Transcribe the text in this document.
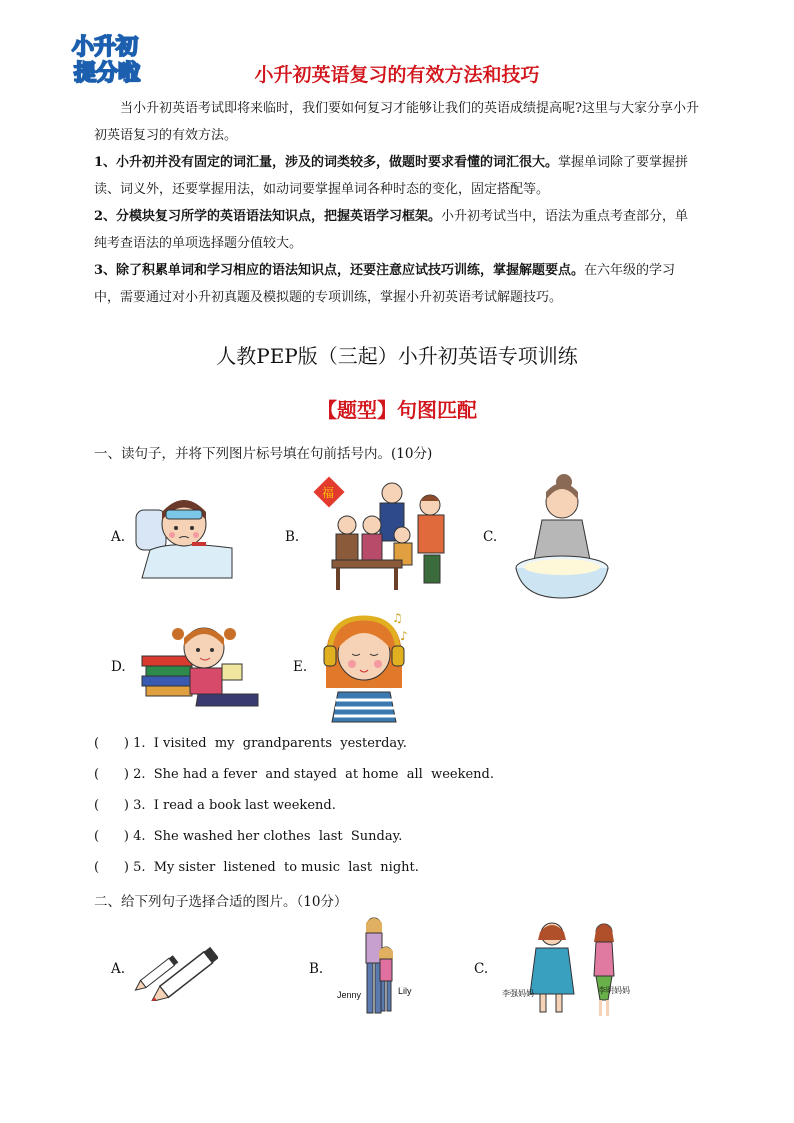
小升初
提分啦	小升初英语复习的有效方法和技巧
当小升初英语考试即将来临时，我们要如何复习才能够让我们的英语成绩提高呢?这里与大家分享小升初英语复习的有效方法。
1、小升初并没有固定的词汇量，涉及的词类较多，做题时要求看懂的词汇很大。掌握单词除了要掌握拼读、词义外，还要掌握用法，如动词要掌握单词各种时态的变化，固定搭配等。
2、分模块复习所学的英语语法知识点，把握英语学习框架。小升初考试当中，语法为重点考查部分，单纯考查语法的单项选择题分值较大。
3、除了积累单词和学习相应的语法知识点，还要注意应试技巧训练，掌握解题要点。在六年级的学习中，需要通过对小升初真题及模拟题的专项训练，掌握小升初英语考试解题技巧。
人教PEP版（三起）小升初英语专项训练
【题型】句图匹配
一、读句子，并将下列图片标号填在句前括号内。(10分)
A.	B.	C.
D.	E.
福
♫
♪
(      ) 1.  I visited  my  grandparents  yesterday.
(      ) 2.  She had a fever  and stayed  at home  all  weekend.
(      ) 3.  I read a book last weekend.
(      ) 4.  She washed her clothes  last  Sunday.
(      ) 5.  My sister  listened  to music  last  night.
二、给下列句子选择合适的图片。（10分）
A.	B.	C.
Jenny	Lily	李强妈妈	李明妈妈
